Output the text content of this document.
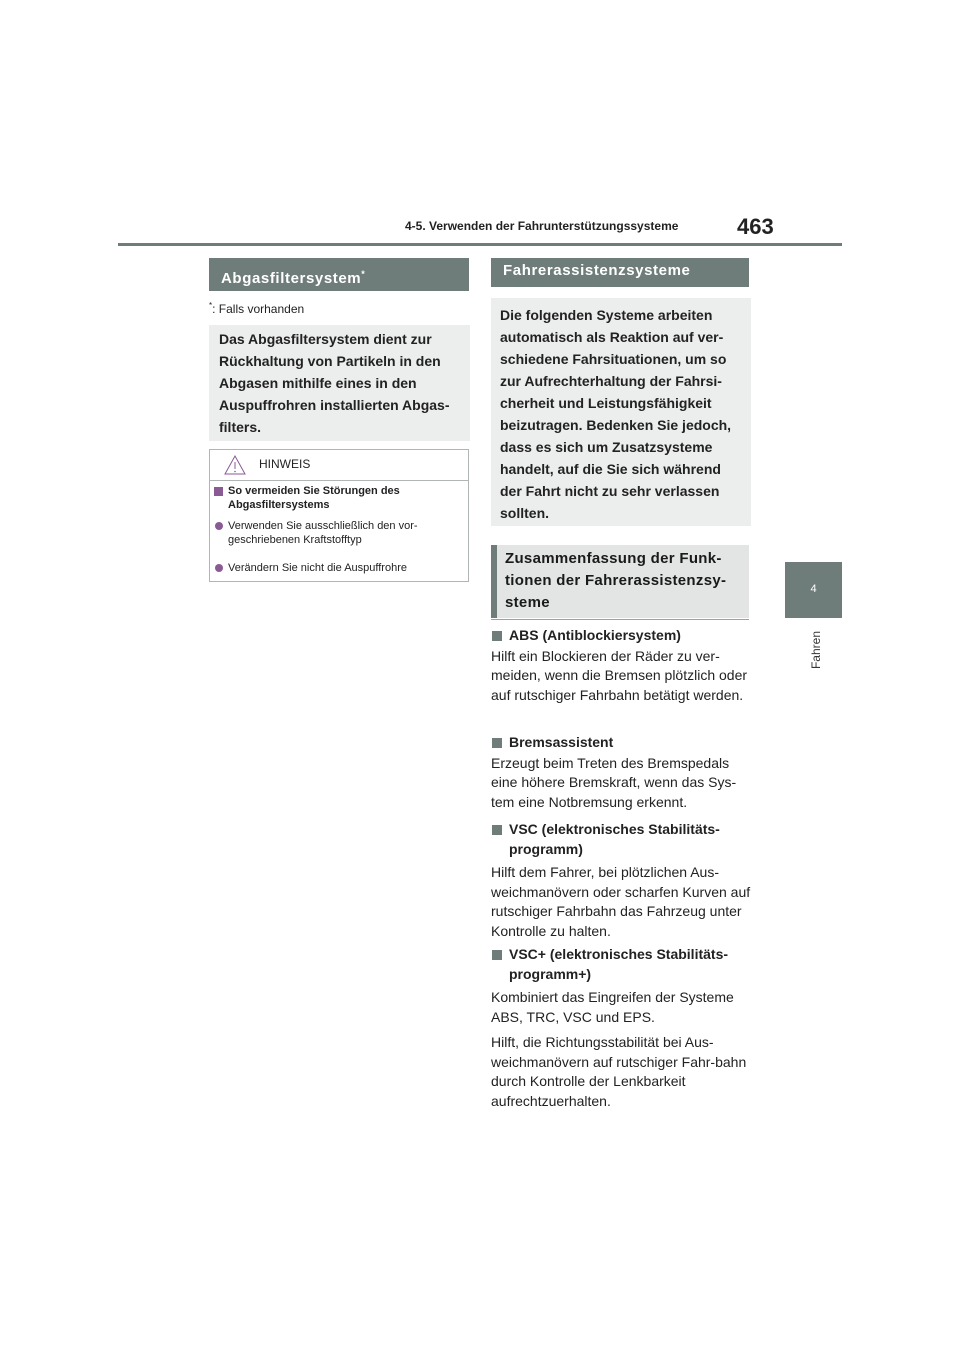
4-5. Verwenden der Fahrunterstützungssysteme	463
4
Fahren
Abgasfiltersystem*
*: Falls vorhanden
Das Abgasfiltersystem dient zur Rückhaltung von Partikeln in den Abgasen mithilfe eines in den Auspuffrohren installierten Abgas-filters.
HINWEIS
So vermeiden Sie Störungen des Abgasfiltersystems
Verwenden Sie ausschließlich den vor-geschriebenen Kraftstofftyp
Verändern Sie nicht die Auspuffrohre
Fahrerassistenzsysteme
Die folgenden Systeme arbeiten automatisch als Reaktion auf ver-schiedene Fahrsituationen, um so zur Aufrechterhaltung der Fahrsi-cherheit und Leistungsfähigkeit beizutragen. Bedenken Sie jedoch, dass es sich um Zusatzsysteme handelt, auf die Sie sich während der Fahrt nicht zu sehr verlassen sollten.
Zusammenfassung der Funk-tionen der Fahrerassistenzsy-steme
ABS (Antiblockiersystem)
Hilft ein Blockieren der Räder zu ver-meiden, wenn die Bremsen plötzlich oder auf rutschiger Fahrbahn betätigt werden.
Bremsassistent
Erzeugt beim Treten des Bremspedals eine höhere Bremskraft, wenn das Sys-tem eine Notbremsung erkennt.
VSC (elektronisches Stabilitäts-programm)
Hilft dem Fahrer, bei plötzlichen Aus-weichmanövern oder scharfen Kurven auf rutschiger Fahrbahn das Fahrzeug unter Kontrolle zu halten.
VSC+ (elektronisches Stabilitäts-programm+)
Kombiniert das Eingreifen der Systeme ABS, TRC, VSC und EPS.
Hilft, die Richtungsstabilität bei Aus-weichmanövern auf rutschiger Fahr-bahn durch Kontrolle der Lenkbarkeit aufrechtzuerhalten.
